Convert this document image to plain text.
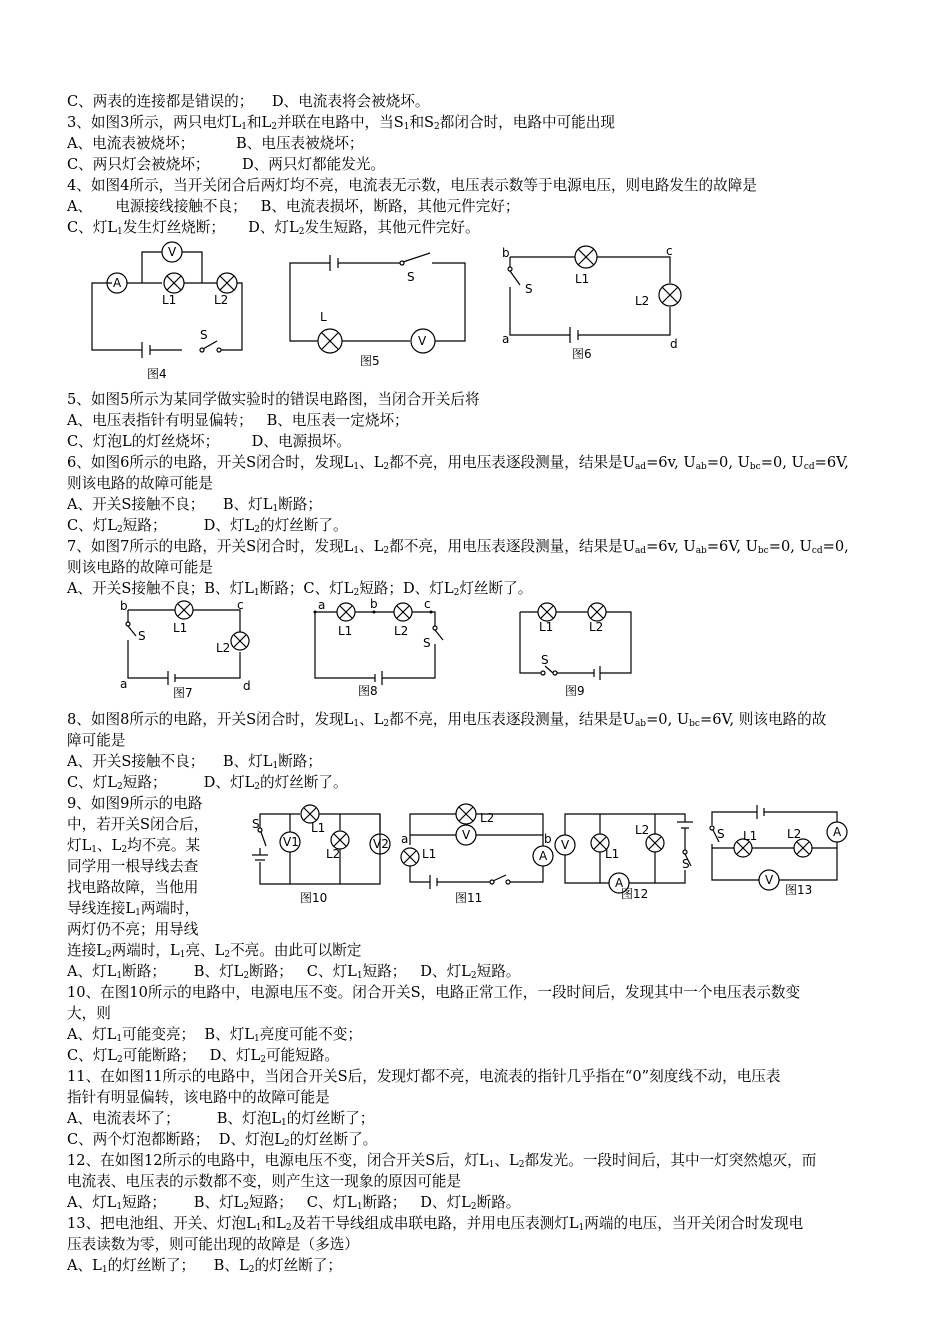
C、两表的连接都是错误的；    D、电流表将会被烧坏。
3、如图3所示，两只电灯$L_1$和$L_2$并联在电路中，当$S_1$和$S_2$都闭合时，电路中可能出现
A、电流表被烧坏；         B、电压表被烧坏；
C、两只灯会被烧坏；       D、两只灯都能发光。
4、如图4所示，当开关闭合后两灯均不亮，电流表无示数，电压表示数等于电源电压，则电路发生的故障是
A、     电源接线接触不良；   B、电流表损坏，断路，其他元件完好；
C、灯$L_1$发生灯丝烧断；     D、灯$L_2$发生短路，其他元件完好。
5、如图5所示为某同学做实验时的错误电路图，当闭合开关后将
A、电压表指针有明显偏转；   B、电压表一定烧坏；
C、灯泡L的灯丝烧坏；       D、电源损坏。
6、如图6所示的电路，开关S闭合时，发现$L_1$、$L_2$都不亮，用电压表逐段测量，结果是$U_{ad}=6v$, $U_{ab}=0$, $U_{bc}=0$, $U_{cd}=6V$,
则该电路的故障可能是
A、开关S接触不良；    B、灯$L_1$断路；
C、灯$L_2$短路；        D、灯$L_2$的灯丝断了。
7、如图7所示的电路，开关S闭合时，发现$L_1$、$L_2$都不亮，用电压表逐段测量，结果是$U_{ad}=6v$, $U_{ab}=6V$, $U_{bc}=0$, $U_{cd}=0$,
则该电路的故障可能是
A、开关S接触不良；B、灯$L_1$断路；C、灯$L_2$短路；D、灯$L_2$灯丝断了。
8、如图8所示的电路，开关S闭合时，发现$L_1$、$L_2$都不亮，用电压表逐段测量，结果是$U_{ab}=0$, $U_{bc}=6V$, 则该电路的故
障可能是
A、开关S接触不良；    B、灯$L_1$断路；
C、灯$L_2$短路；        D、灯$L_2$的灯丝断了。
9、如图9所示的电路
中，若开关S闭合后，
灯$L_1$、$L_2$均不亮。某
同学用一根导线去查
找电路故障，当他用
导线连接$L_1$两端时，
两灯仍不亮；用导线
连接$L_2$两端时，$L_1$亮、$L_2$不亮。由此可以断定
A、灯$L_1$断路；      B、灯$L_2$断路；   C、灯$L_1$短路；   D、灯$L_2$短路。
10、在图10所示的电路中，电源电压不变。闭合开关S，电路正常工作，一段时间后，发现其中一个电压表示数变
大，则
A、灯$L_1$可能变亮；  B、灯$L_1$亮度可能不变；
C、灯$L_2$可能断路；   D、灯$L_2$可能短路。
11、在如图11所示的电路中，当闭合开关S后，发现灯都不亮，电流表的指针几乎指在“0”刻度线不动，电压表
指针有明显偏转，该电路中的故障可能是
A、电流表坏了；        B、灯泡$L_1$的灯丝断了；
C、两个灯泡都断路；  D、灯泡$L_2$的灯丝断了。
12、在如图12所示的电路中，电源电压不变，闭合开关S后，灯$L_1$、$L_2$都发光。一段时间后，其中一灯突然熄灭，而
电流表、电压表的示数都不变，则产生这一现象的原因可能是
A、灯$L_1$短路；      B、灯$L_2$短路；   C、灯$L_1$断路；   D、灯$L_2$断路。
13、把电池组、开关、灯泡$L_1$和$L_2$及若干导线组成串联电路，并用电压表测灯$L_1$两端的电压，当开关闭合时发现电
压表读数为零，则可能出现的故障是（多选）
A、$L_1$的灯丝断了；    B、$L_2$的灯丝断了；
A
V
L1	L2
S
图4
S
L
V
图5
b	c
S
L1
L2
a	d
图6
b	c
S
L1
L2
a	d
图7
a	b	c
L1	L2
S
图8
L1	L2
S
图9
S
V1
L1
L2
V2
图10
L2
V
a	b
L1	A
图11
V
L1
L2
A
S
图12
S L1 L2	A
V
图13
